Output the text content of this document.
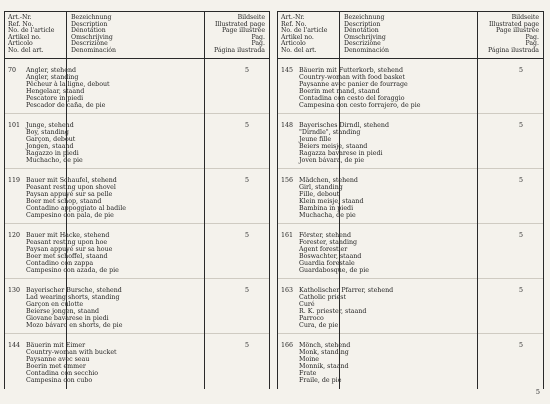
Art.-Nr.
Ref. No.
No. de l'article
Artikel no.
Articolo
No. del art.
Bezeichnung
Description
Dénotation
Omschrijving
Descrizione
Denominación
Bildseite
Illustrated page
Page illustrée
Pag.
Pag.
Página ilustrada
70 Angler, stehend
Angler, standing
Pêcheur à la ligne, debout
Hengelaar, staand
Pescatore in piedi
Pescador de caña, de pie
5
101 Junge, stehend
Boy, standing
Garçon, debout
Jongen, staand
Ragazzo in piedi
Muchacho, de pie
5
119 Bauer mit Schaufel, stehend
Peasant resting upon shovel
Paysan appuyé sur sa pelle
Boer met schop, staand
Contadino appoggiato al badile
Campesino con pala, de pie
5
120 Bauer mit Hacke, stehend
Peasant resting upon hoe
Paysan appuyé sur sa houe
Boer met schoffel, staand
Contadino con zappa
Campesino con azada, de pie
5
130 Bayerischer Bursche, stehend
Lad wearing shorts, standing
Garçon en culotte
Beierse jongen, staand
Giovane bavarese in piedi
Mozo bávaro en shorts, de pie
5
144 Bäuerin mit Eimer
Country-woman with bucket
Paysanne avec seau
Boerin met emmer
Contadina con secchio
Campesina con cubo
5
Art.-Nr.
Ref. No.
No. de l'article
Artikel no.
Articolo
No. del art.
Bezeichnung
Description
Dénotation
Omschrijving
Descrizione
Denominación
Bildseite
Illustrated page
Page illustrée
Pag.
Pag.
Página ilustrada
145 Bäuerin mit Futterkorb, stehend
Country-woman with food basket
Paysanne avec panier de fourrage
Boerin met mand, staand
Contadina con cesto del foraggio
Campesina con cesto forrajero, de pie
5
148 Bayerisches Dirndl, stehend
"Dirndle", standing
Jeune fille
Beiers meisje, staand
Ragazza bavarese in piedi
Joven bávara, de pie
5
156 Mädchen, stehend
Girl, standing
Fille, debout
Klein meisje, staand
Bambina in piedi
Muchacha, de pie
5
161 Förster, stehend
Forester, standing
Agent forestier
Boswachter, staand
Guardia forestale
Guardabosque, de pie
5
163 Katholischer Pfarrer, stehend
Catholic priest
Curé
R. K. priester, staand
Parroco
Cura, de pie
5
166 Mönch, stehend
Monk, standing
Moine
Monnik, staand
Frate
Fraile, de pie
5
5
